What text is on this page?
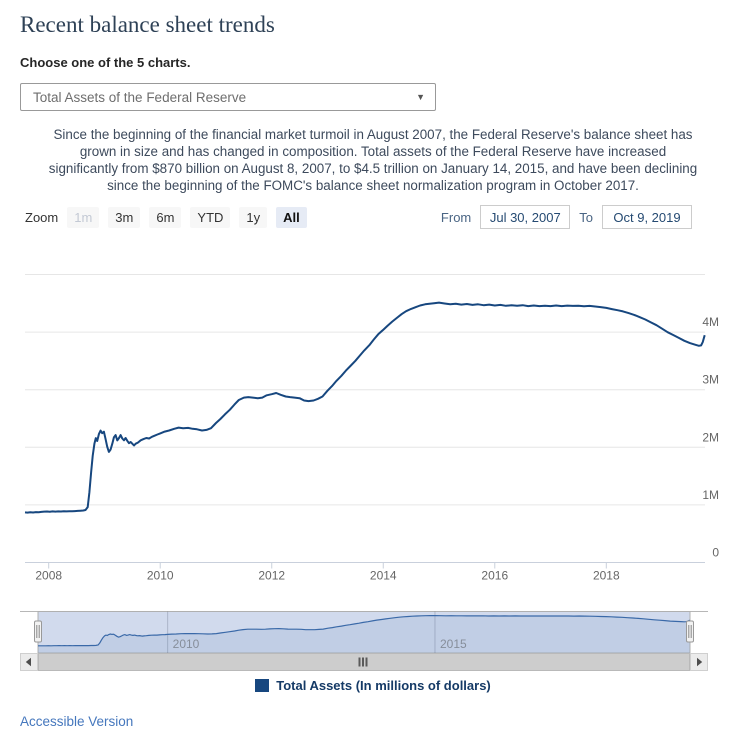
Recent balance sheet trends
Choose one of the 5 charts.
Total Assets of the Federal Reserve	▼

Since the beginning of the financial market turmoil in August 2007, the Federal Reserve's balance sheet has grown in size and has changed in composition. Total assets of the Federal Reserve have increased significantly from $870 billion on August 8, 2007, to $4.5 trillion on January 14, 2015, and have been declining since the beginning of the FOMC's balance sheet normalization program in October 2017.

Zoom	1m	3m	6m	YTD	1y	All	From
Jul 30, 2007	To
Oct 9, 2019
0
1M
2M
3M
4M
2008	2010	2012	2014	2016	2018
Total Assets (In millions of dollars)
Accessible Version
